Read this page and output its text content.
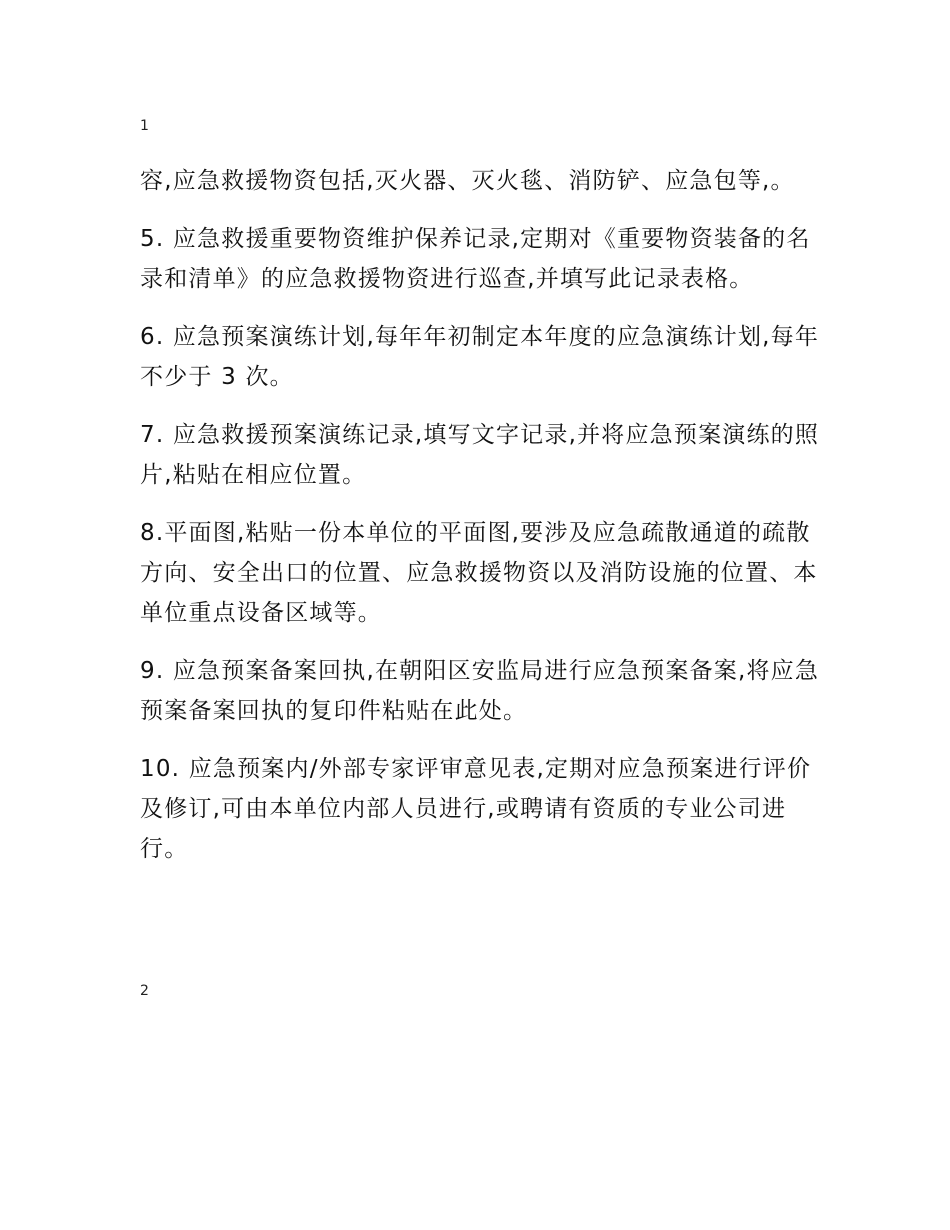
1

容,应急救援物资包括,灭火器、灭火毯、消防铲、应急包等,。

5. 应急救援重要物资维护保养记录,定期对《重要物资装备的名录和清单》的应急救援物资进行巡查,并填写此记录表格。

6. 应急预案演练计划,每年年初制定本年度的应急演练计划,每年不少于 3 次。

7. 应急救援预案演练记录,填写文字记录,并将应急预案演练的照片,粘贴在相应位置。

8.平面图,粘贴一份本单位的平面图,要涉及应急疏散通道的疏散方向、安全出口的位置、应急救援物资以及消防设施的位置、本单位重点设备区域等。

9. 应急预案备案回执,在朝阳区安监局进行应急预案备案,将应急预案备案回执的复印件粘贴在此处。

10. 应急预案内/外部专家评审意见表,定期对应急预案进行评价及修订,可由本单位内部人员进行,或聘请有资质的专业公司进行。

2
